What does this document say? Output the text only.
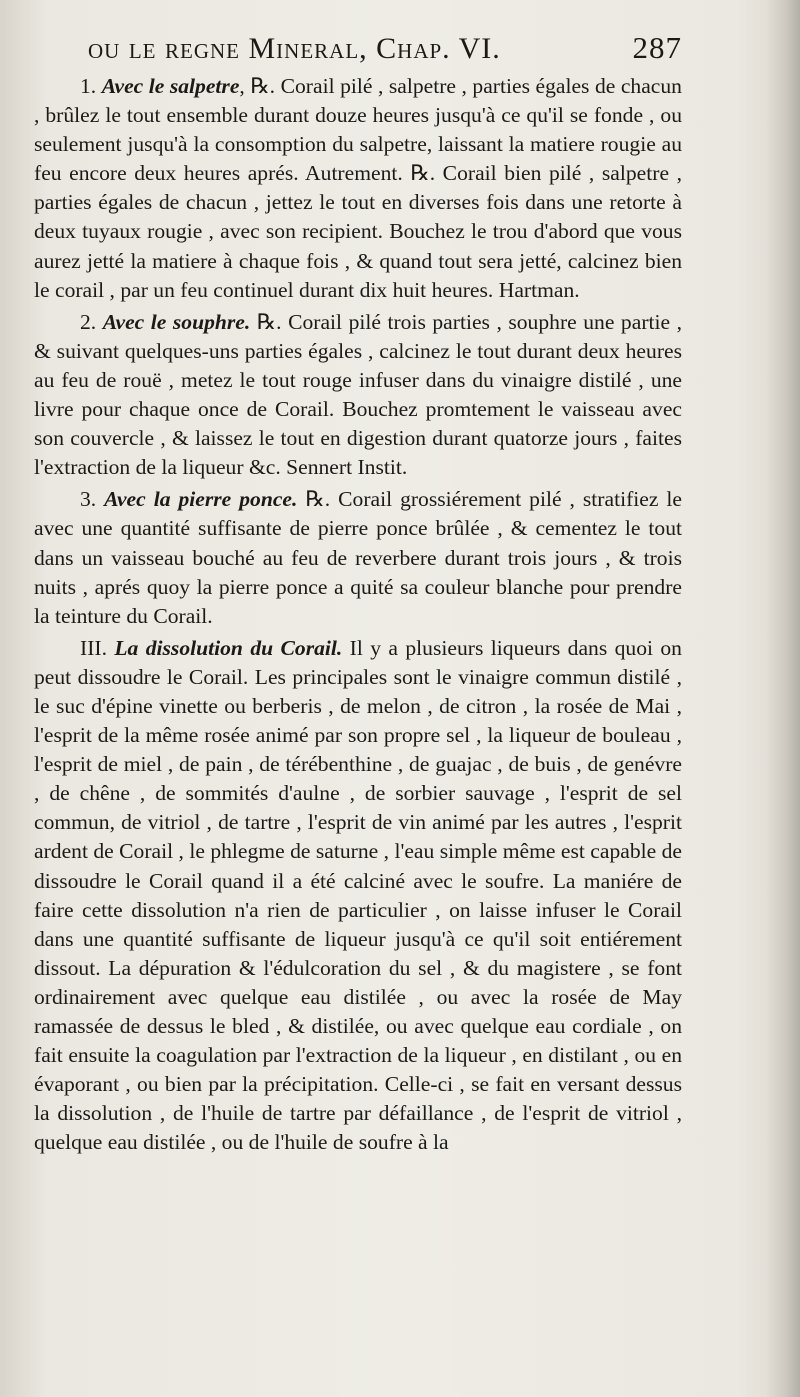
ou le regne Mineral, Chap. VI.	287

1. Avec le salpetre, ℞. Corail pilé , salpetre , parties égales de chacun , brûlez le tout ensemble durant douze heures jusqu'à ce qu'il se fonde , ou seulement jusqu'à la consomption du salpetre, laissant la matiere rougie au feu encore deux heures aprés. Autrement. ℞. Corail bien pilé , salpetre , parties égales de chacun , jettez le tout en diverses fois dans une retorte à deux tuyaux rougie , avec son recipient. Bouchez le trou d'abord que vous aurez jetté la matiere à chaque fois , & quand tout sera jetté, calcinez bien le corail , par un feu continuel durant dix huit heures. Hartman.

2. Avec le souphre. ℞. Corail pilé trois parties , souphre une partie , & suivant quelques-uns parties égales , calcinez le tout durant deux heures au feu de rouë , metez le tout rouge infuser dans du vinaigre distilé , une livre pour chaque once de Corail. Bouchez promtement le vaisseau avec son couvercle , & laissez le tout en digestion durant quatorze jours , faites l'extraction de la liqueur &c. Sennert Instit.

3. Avec la pierre ponce. ℞. Corail grossiérement pilé , stratifiez le avec une quantité suffisante de pierre ponce brûlée , & cementez le tout dans un vaisseau bouché au feu de reverbere durant trois jours , & trois nuits , aprés quoy la pierre ponce a quité sa couleur blanche pour prendre la teinture du Corail.

III. La dissolution du Corail. Il y a plusieurs liqueurs dans quoi on peut dissoudre le Corail. Les principales sont le vinaigre commun distilé , le suc d'épine vinette ou berberis , de melon , de citron , la rosée de Mai , l'esprit de la même rosée animé par son propre sel , la liqueur de bouleau , l'esprit de miel , de pain , de térébenthine , de guajac , de buis , de genévre , de chêne , de sommités d'aulne , de sorbier sauvage , l'esprit de sel commun, de vitriol , de tartre , l'esprit de vin animé par les autres , l'esprit ardent de Corail , le phlegme de saturne , l'eau simple même est capable de dissoudre le Corail quand il a été calciné avec le soufre. La maniére de faire cette dissolution n'a rien de particulier , on laisse infuser le Corail dans une quantité suffisante de liqueur jusqu'à ce qu'il soit entiérement dissout. La dépuration & l'édulcoration du sel , & du magistere , se font ordinairement avec quelque eau distilée , ou avec la rosée de May ramassée de dessus le bled , & distilée, ou avec quelque eau cordiale , on fait ensuite la coagulation par l'extraction de la liqueur , en distilant , ou en évaporant , ou bien par la précipitation. Celle-ci , se fait en versant dessus la dissolution , de l'huile de tartre par défaillance , de l'esprit de vitriol , quelque eau distilée , ou de l'huile de soufre à la
